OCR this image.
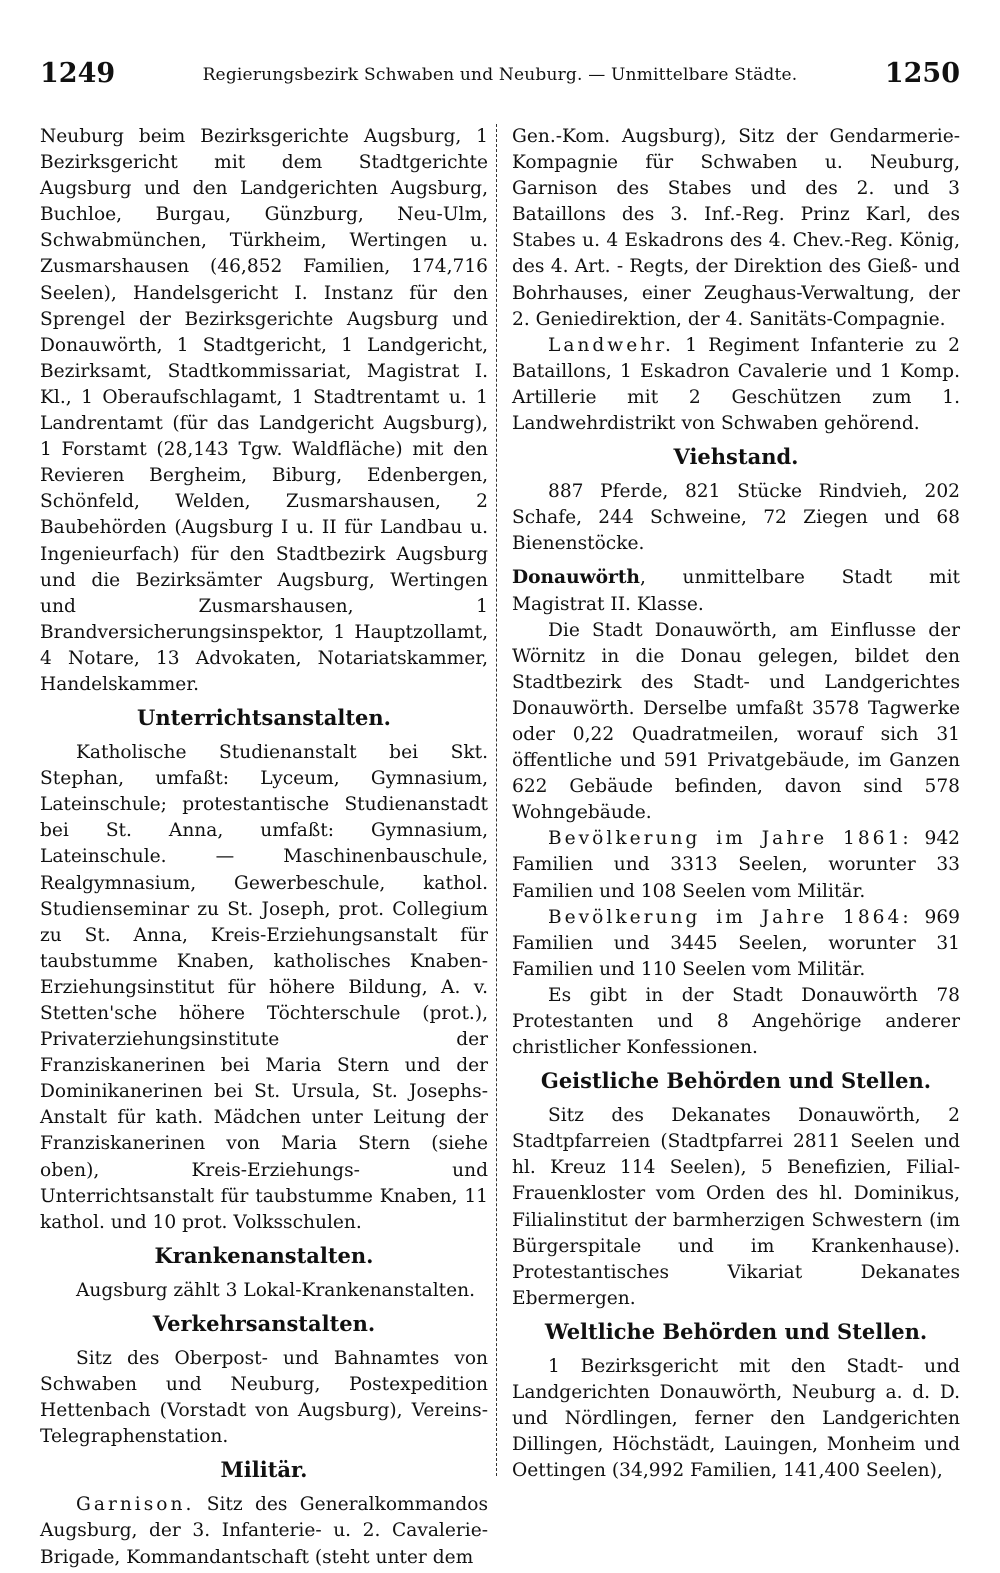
1249	Regierungsbezirk Schwaben und Neuburg. — Unmittelbare Städte.	1250

Neuburg beim Bezirksgerichte Augsburg, 1 Bezirksgericht mit dem Stadtgerichte Augsburg und den Landgerichten Augsburg, Buchloe, Burgau, Günzburg, Neu-Ulm, Schwabmünchen, Türkheim, Wertingen u. Zusmarshausen (46,852 Familien, 174,716 Seelen), Handelsgericht I. Instanz für den Sprengel der Bezirksgerichte Augsburg und Donauwörth, 1 Stadtgericht, 1 Landgericht, Bezirksamt, Stadtkommissariat, Magistrat I. Kl., 1 Oberaufschlagamt, 1 Stadtrentamt u. 1 Landrentamt (für das Landgericht Augsburg), 1 Forstamt (28,143 Tgw. Waldfläche) mit den Revieren Bergheim, Biburg, Edenbergen, Schönfeld, Welden, Zusmarshausen, 2 Baubehörden (Augsburg I u. II für Landbau u. Ingenieurfach) für den Stadtbezirk Augsburg und die Bezirksämter Augsburg, Wertingen und Zusmarshausen, 1 Brandversicherungsinspektor, 1 Hauptzollamt, 4 Notare, 13 Advokaten, Notariatskammer, Handelskammer.

Unterrichtsanstalten.

Katholische Studienanstalt bei Skt. Stephan, umfaßt: Lyceum, Gymnasium, Lateinschule; protestantische Studienanstadt bei St. Anna, umfaßt: Gymnasium, Lateinschule. — Maschinenbauschule, Realgymnasium, Gewerbeschule, kathol. Studienseminar zu St. Joseph, prot. Collegium zu St. Anna, Kreis-Erziehungsanstalt für taubstumme Knaben, katholisches Knaben-Erziehungsinstitut für höhere Bildung, A. v. Stetten'sche höhere Töchterschule (prot.), Privaterziehungsinstitute der Franziskanerinen bei Maria Stern und der Dominikanerinen bei St. Ursula, St. Josephs-Anstalt für kath. Mädchen unter Leitung der Franziskanerinen von Maria Stern (siehe oben), Kreis-Erziehungs- und Unterrichtsanstalt für taubstumme Knaben, 11 kathol. und 10 prot. Volksschulen.

Krankenanstalten.

Augsburg zählt 3 Lokal-Krankenanstalten.

Verkehrsanstalten.

Sitz des Oberpost- und Bahnamtes von Schwaben und Neuburg, Postexpedition Hettenbach (Vorstadt von Augsburg), Vereins-Telegraphenstation.

Militär.

Garnison. Sitz des Generalkommandos Augsburg, der 3. Infanterie- u. 2. Cavalerie-Brigade, Kommandantschaft (steht unter dem

Gen.-Kom. Augsburg), Sitz der Gendarmerie-Kompagnie für Schwaben u. Neuburg, Garnison des Stabes und des 2. und 3 Bataillons des 3. Inf.-Reg. Prinz Karl, des Stabes u. 4 Eskadrons des 4. Chev.-Reg. König, des 4. Art. - Regts, der Direktion des Gieß- und Bohrhauses, einer Zeughaus-Verwaltung, der 2. Geniedirektion, der 4. Sanitäts-Compagnie.

Landwehr. 1 Regiment Infanterie zu 2 Bataillons, 1 Eskadron Cavalerie und 1 Komp. Artillerie mit 2 Geschützen zum 1. Landwehrdistrikt von Schwaben gehörend.

Viehstand.

887 Pferde, 821 Stücke Rindvieh, 202 Schafe, 244 Schweine, 72 Ziegen und 68 Bienenstöcke.

Donauwörth, unmittelbare Stadt mit Magistrat II. Klasse.

Die Stadt Donauwörth, am Einflusse der Wörnitz in die Donau gelegen, bildet den Stadtbezirk des Stadt- und Landgerichtes Donauwörth. Derselbe umfaßt 3578 Tagwerke oder 0,22 Quadratmeilen, worauf sich 31 öffentliche und 591 Privatgebäude, im Ganzen 622 Gebäude befinden, davon sind 578 Wohngebäude.

Bevölkerung im Jahre 1861: 942 Familien und 3313 Seelen, worunter 33 Familien und 108 Seelen vom Militär.

Bevölkerung im Jahre 1864: 969 Familien und 3445 Seelen, worunter 31 Familien und 110 Seelen vom Militär.

Es gibt in der Stadt Donauwörth 78 Protestanten und 8 Angehörige anderer christlicher Konfessionen.

Geistliche Behörden und Stellen.

Sitz des Dekanates Donauwörth, 2 Stadtpfarreien (Stadtpfarrei 2811 Seelen und hl. Kreuz 114 Seelen), 5 Benefizien, Filial-Frauenkloster vom Orden des hl. Dominikus, Filialinstitut der barmherzigen Schwestern (im Bürgerspitale und im Krankenhause). Protestantisches Vikariat Dekanates Ebermergen.

Weltliche Behörden und Stellen.

1 Bezirksgericht mit den Stadt- und Landgerichten Donauwörth, Neuburg a. d. D. und Nördlingen, ferner den Landgerichten Dillingen, Höchstädt, Lauingen, Monheim und Oettingen (34,992 Familien, 141,400 Seelen),
